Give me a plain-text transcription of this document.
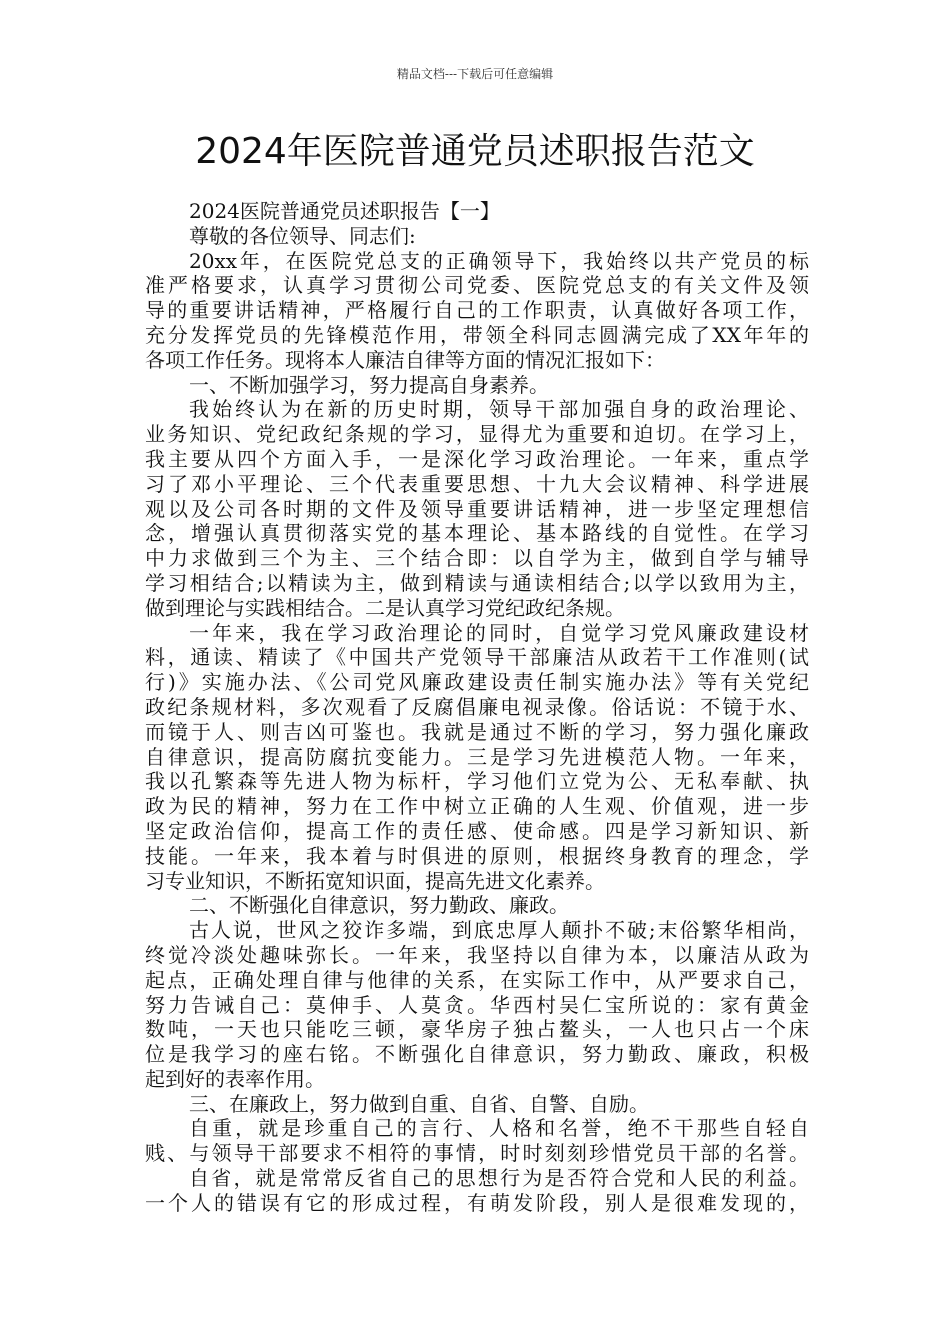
精品文档---下载后可任意编辑
2024年医院普通党员述职报告范文
2024医院普通党员述职报告【一】
尊敬的各位领导、同志们:
20xx年，在医院党总支的正确领导下，我始终以共产党员的标
准严格要求，认真学习贯彻公司党委、医院党总支的有关文件及领
导的重要讲话精神，严格履行自己的工作职责，认真做好各项工作，
充分发挥党员的先锋模范作用，带领全科同志圆满完成了XX年年的
各项工作任务。现将本人廉洁自律等方面的情况汇报如下：
一、不断加强学习，努力提高自身素养。
我始终认为在新的历史时期，领导干部加强自身的政治理论、
业务知识、党纪政纪条规的学习，显得尤为重要和迫切。在学习上，
我主要从四个方面入手，一是深化学习政治理论。一年来，重点学
习了邓小平理论、三个代表重要思想、十九大会议精神、科学进展
观以及公司各时期的文件及领导重要讲话精神，进一步坚定理想信
念，增强认真贯彻落实党的基本理论、基本路线的自觉性。在学习
中力求做到三个为主、三个结合即：以自学为主，做到自学与辅导
学习相结合;以精读为主，做到精读与通读相结合;以学以致用为主，
做到理论与实践相结合。二是认真学习党纪政纪条规。
一年来，我在学习政治理论的同时，自觉学习党风廉政建设材
料，通读、精读了《中国共产党领导干部廉洁从政若干工作准则(试
行)》实施办法、《公司党风廉政建设责任制实施办法》等有关党纪
政纪条规材料，多次观看了反腐倡廉电视录像。俗话说：不镜于水、
而镜于人、则吉凶可鉴也。我就是通过不断的学习，努力强化廉政
自律意识，提高防腐抗变能力。三是学习先进模范人物。一年来，
我以孔繁森等先进人物为标杆，学习他们立党为公、无私奉献、执
政为民的精神，努力在工作中树立正确的人生观、价值观，进一步
坚定政治信仰，提高工作的责任感、使命感。四是学习新知识、新
技能。一年来，我本着与时俱进的原则，根据终身教育的理念，学
习专业知识，不断拓宽知识面，提高先进文化素养。
二、不断强化自律意识，努力勤政、廉政。
古人说，世风之狡诈多端，到底忠厚人颠扑不破;末俗繁华相尚，
终觉冷淡处趣味弥长。一年来，我坚持以自律为本，以廉洁从政为
起点，正确处理自律与他律的关系，在实际工作中，从严要求自己，
努力告诫自己：莫伸手、人莫贪。华西村吴仁宝所说的：家有黄金
数吨，一天也只能吃三顿，豪华房子独占鳌头，一人也只占一个床
位是我学习的座右铭。不断强化自律意识，努力勤政、廉政，积极
起到好的表率作用。
三、在廉政上，努力做到自重、自省、自警、自励。
自重，就是珍重自己的言行、人格和名誉，绝不干那些自轻自
贱、与领导干部要求不相符的事情，时时刻刻珍惜党员干部的名誉。
自省，就是常常反省自己的思想行为是否符合党和人民的利益。
一个人的错误有它的形成过程，有萌发阶段，别人是很难发现的，
